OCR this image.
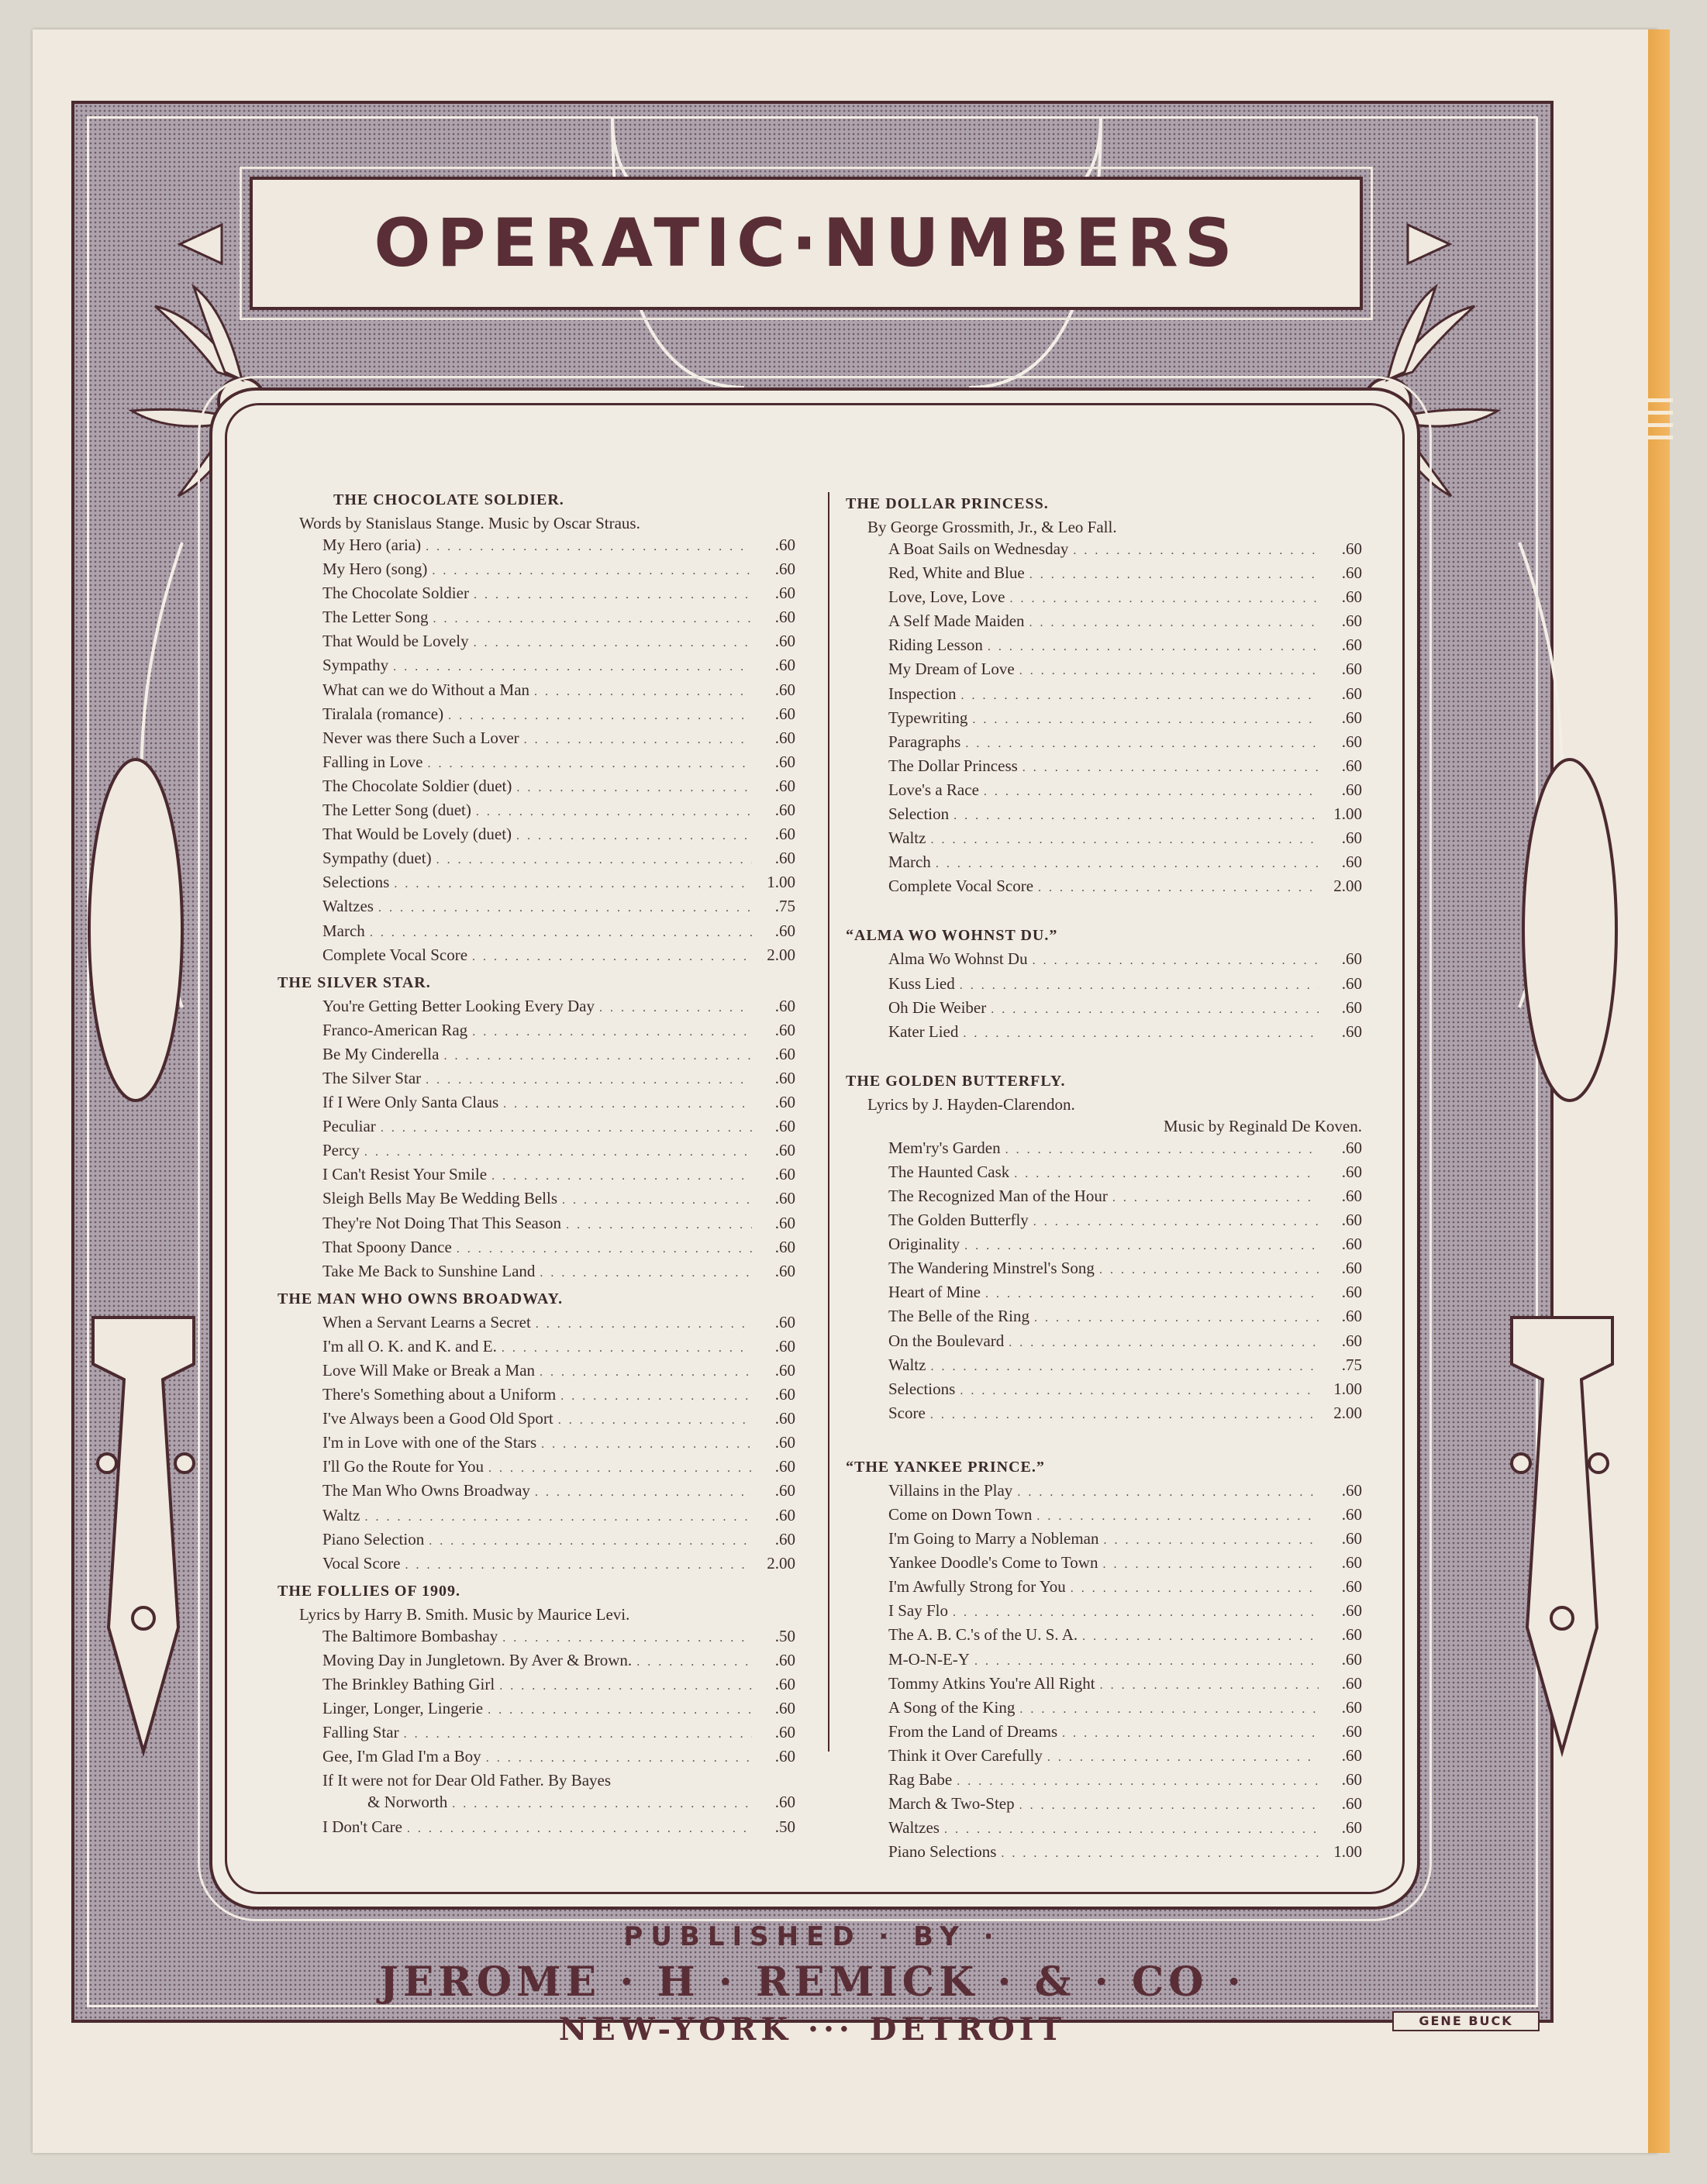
OPERATIC·NUMBERS
THE CHOCOLATE SOLDIER.
Words by Stanislaus Stange. Music by Oscar Straus.
My Hero (aria) . . .	.60
My Hero (song) . . .	.60
The Chocolate Soldier . . .	.60
The Letter Song . . .	.60
That Would be Lovely . . .	.60
Sympathy . . .	.60
What can we do Without a Man . . .	.60
Tiralala (romance) . . .	.60
Never was there Such a Lover . . .	.60
Falling in Love . . .	.60
The Chocolate Soldier (duet) . . .	.60
The Letter Song (duet) . . .	.60
That Would be Lovely (duet) . . .	.60
Sympathy (duet) . . .	.60
Selections . . .	1.00
Waltzes . . .	.75
March . . .	.60
Complete Vocal Score . . .	2.00
THE SILVER STAR.
You're Getting Better Looking Every Day . . .	.60
Franco-American Rag . . .	.60
Be My Cinderella . . .	.60
The Silver Star . . .	.60
If I Were Only Santa Claus . . .	.60
Peculiar . . .	.60
Percy . . .	.60
I Can't Resist Your Smile . . .	.60
Sleigh Bells May Be Wedding Bells . . .	.60
They're Not Doing That This Season . . .	.60
That Spoony Dance . . .	.60
Take Me Back to Sunshine Land . . .	.60
THE MAN WHO OWNS BROADWAY.
When a Servant Learns a Secret . . .	.60
I'm all O. K. and K. and E. . . .	.60
Love Will Make or Break a Man . . .	.60
There's Something about a Uniform . . .	.60
I've Always been a Good Old Sport . . .	.60
I'm in Love with one of the Stars . . .	.60
I'll Go the Route for You . . .	.60
The Man Who Owns Broadway . . .	.60
Waltz . . .	.60
Piano Selection . . .	.60
Vocal Score . . .	2.00
THE FOLLIES OF 1909.
Lyrics by Harry B. Smith. Music by Maurice Levi.
The Baltimore Bombashay . . .	.50
Moving Day in Jungletown. By Aver & Brown. . . .	.60
The Brinkley Bathing Girl . . .	.60
Linger, Longer, Lingerie . . .	.60
Falling Star . . .	.60
Gee, I'm Glad I'm a Boy . . .	.60
If It were not for Dear Old Father. By Bayes
& Norworth . . .	.60
I Don't Care . . .	.50
THE DOLLAR PRINCESS.
By George Grossmith, Jr., & Leo Fall.
A Boat Sails on Wednesday . . .	.60
Red, White and Blue . . .	.60
Love, Love, Love . . .	.60
A Self Made Maiden . . .	.60
Riding Lesson . . .	.60
My Dream of Love . . .	.60
Inspection . . .	.60
Typewriting . . .	.60
Paragraphs . . .	.60
The Dollar Princess . . .	.60
Love's a Race . . .	.60
Selection . . .	1.00
Waltz . . .	.60
March . . .	.60
Complete Vocal Score . . .	2.00
“ALMA WO WOHNST DU.”
Alma Wo Wohnst Du . . .	.60
Kuss Lied . . .	.60
Oh Die Weiber . . .	.60
Kater Lied . . .	.60
THE GOLDEN BUTTERFLY.
Lyrics by J. Hayden-Clarendon.
Music by Reginald De Koven.
Mem'ry's Garden . . .	.60
The Haunted Cask . . .	.60
The Recognized Man of the Hour . . .	.60
The Golden Butterfly . . .	.60
Originality . . .	.60
The Wandering Minstrel's Song . . .	.60
Heart of Mine . . .	.60
The Belle of the Ring . . .	.60
On the Boulevard . . .	.60
Waltz . . .	.75
Selections . . .	1.00
Score . . .	2.00
“THE YANKEE PRINCE.”
Villains in the Play . . .	.60
Come on Down Town . . .	.60
I'm Going to Marry a Nobleman . . .	.60
Yankee Doodle's Come to Town . . .	.60
I'm Awfully Strong for You . . .	.60
I Say Flo . . .	.60
The A. B. C.'s of the U. S. A. . . .	.60
M-O-N-E-Y . . .	.60
Tommy Atkins You're All Right . . .	.60
A Song of the King . . .	.60
From the Land of Dreams . . .	.60
Think it Over Carefully . . .	.60
Rag Babe . . .	.60
March & Two-Step . . .	.60
Waltzes . . .	.60
Piano Selections . . .	1.00
PUBLISHED · BY ·
JEROME · H · REMICK · & · CO ·
NEW-YORK ··· DETROIT	GENE BUCK
